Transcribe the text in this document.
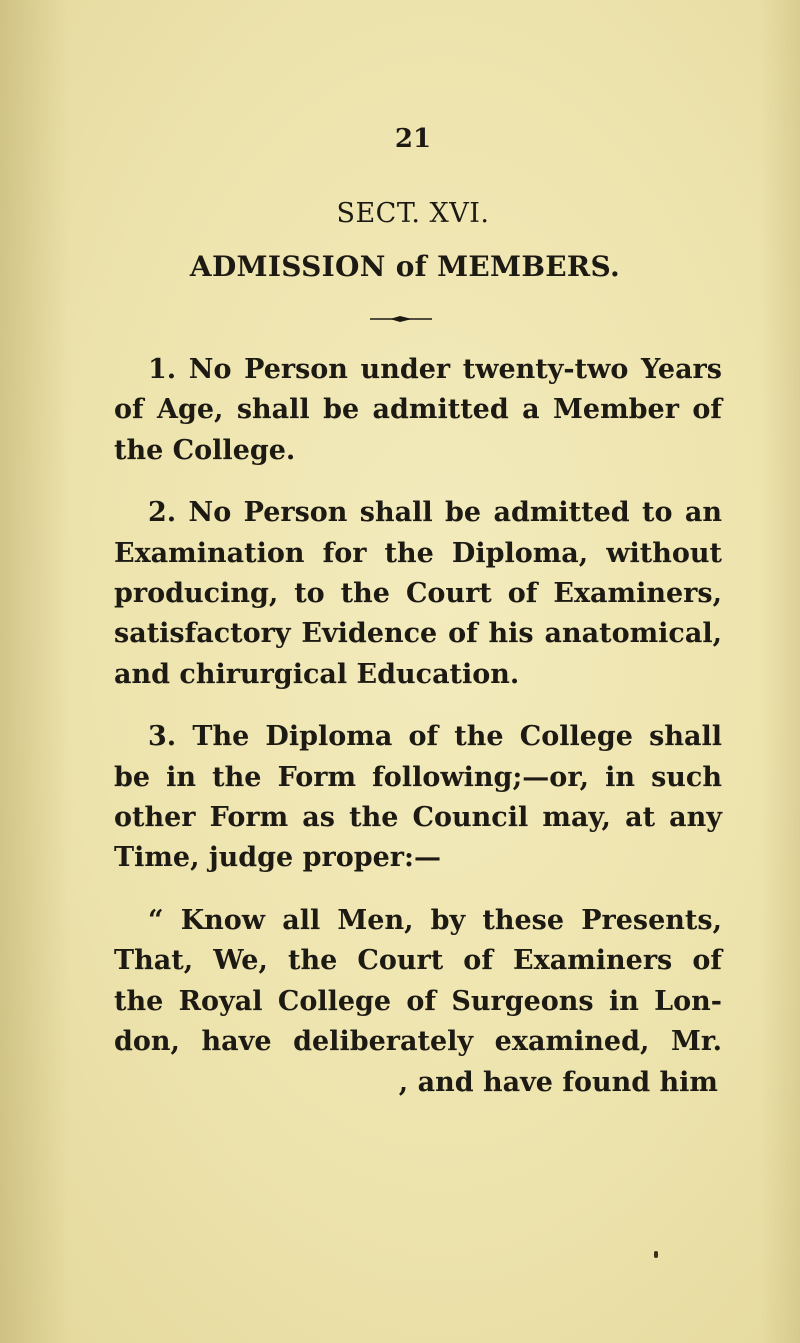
21
SECT. XVI.
ADMISSION of MEMBERS.
1. No Person under twenty-two Years
of Age, shall be admitted a Member of
the College.
2. No Person shall be admitted to an
Examination for the Diploma, without
producing, to the Court of Examiners,
satisfactory Evidence of his anatomical,
and chirurgical Education.
3. The Diploma of the College shall
be in the Form following;—or, in such
other Form as the Council may, at any
Time, judge proper:—
“ Know all Men, by these Presents,
That, We, the Court of Examiners of
the Royal College of Surgeons in Lon-
don, have deliberately examined, Mr.
, and have found him
